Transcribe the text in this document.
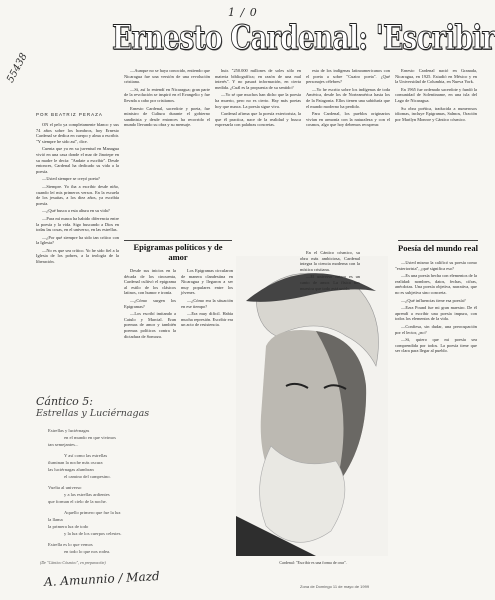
1 / 0
55438
Ernesto Cardenal: 'Escribir
POR BEATRIZ PERAZA

ON el pelo ya completamente blanco y sus 74 años sobre los hombros, hoy Ernesto Cardenal se dedica en cuerpo y alma a escribir. "Y siempre he sido así", dice.

Cuenta que ya en su juventud en Managua vivió en una casa donde el mar de Jinotepe en su madre le decía: "Andate a escribir". Desde entonces, Cardenal ha dedicado su vida a la poesía.

—Usted siempre se creyó poeta?

—Siempre. Yo iba a escribir desde niño, cuando leí mis primeros versos. En la escuela de los jesuitas, a los diez años, ya escribía poesía.

—¿Qué busca a esta altura en su vida?

—Para mí nunca ha habido diferencia entre la poesía y la vida. Sigo buscando a Dios en todas las cosas, en el universo, en las estrellas.

—¿Por qué siempre ha sido tan crítico con la Iglesia?

—No es que sea crítico. Yo he sido fiel a la Iglesia de los pobres, a la teología de la liberación.

—Aunque no se haya conocido, entiendo que Nicaragua fue una versión de una revolución cristiana.

—Sí, así lo entendí en Nicaragua; gran parte de la revolución se inspiró en el Evangelio y fue llevada a cabo por cristianos.

Ernesto Cardenal, sacerdote y poeta, fue ministro de Cultura durante el gobierno sandinista y desde entonces ha recorrido el mundo llevando su obra y su mensaje.

huir. "250.000 millones de soles sólo en materia bibliográfica; en razón de una mal interés". Y no pasará información, en cierta medida. ¿Cuál es la propuesta de su sentido?

—Yo sé que muchos han dicho que la poesía ha muerto, pero no es cierto. Hay más poetas hoy que nunca. La poesía sigue viva.

Cardenal afirma que la poesía exteriorista, la que él practica, nace de la realidad y busca expresarla con palabras concretas.

esta de los indígenas latinoamericanos con el poeta a sobre "Cuatro poeta". ¿Qué personajes célebres?

—Yo he escrito sobre los indígenas de toda América, desde los de Norteamérica hasta los de la Patagonia. Ellos tienen una sabiduría que el mundo moderno ha perdido.

Para Cardenal, los pueblos originarios vivían en armonía con la naturaleza y con el cosmos, algo que hoy debemos recuperar.

Ernesto Cardenal nació en Granada, Nicaragua, en 1925. Estudió en México y en la Universidad de Columbia, en Nueva York.

En 1965 fue ordenado sacerdote y fundó la comunidad de Solentiname, en una isla del Lago de Nicaragua.

Su obra poética, traducida a numerosos idiomas, incluye Epigramas, Salmos, Oración por Marilyn Monroe y Cántico cósmico.

Epigramas políticos y de amor

Desde sus inicios en la década de los cincuenta, Cardenal cultivó el epigrama al estilo de los clásicos latinos, con humor e ironía.

—¿Cómo surgen los Epigramas?

—Los escribí imitando a Catulo y Marcial. Eran poemas de amor y también poemas políticos contra la dictadura de Somoza.

Los Epigramas circularon de manera clandestina en Nicaragua y llegaron a ser muy populares entre los jóvenes.

—¿Cómo era la situación en ese tiempo?

—Era muy difícil. Había mucha represión. Escribir era un acto de resistencia.

Poesía del mundo real

—Usted mismo la calificó su poesía como "exteriorista", ¿qué significa eso?

—Es una poesía hecha con elementos de la realidad: nombres, datos, fechas, cifras, anécdotas. Una poesía objetiva, narrativa, que no es subjetiva sino concreta.

—¿Qué influencias tiene esa poesía?

—Ezra Pound fue mi gran maestro. De él aprendí a escribir una poesía impura, con todos los elementos de la vida.

—Confiesa, sin dudar, una preocupación por el lector, ¿no?

—Sí, quiero que mi poesía sea comprendida por todos. La poesía tiene que ser clara para llegar al pueblo.

Cardenal: "Escribir es una forma de orar".

En el Cántico cósmico, su obra más ambiciosa, Cardenal integra la ciencia moderna con la mística cristiana.

—El universo entero es un canto de amor. La física nos muestra que todo está unido.

Cántico 5:

Estrellas y Luciérnagas

Estrellas y luciérnagas
en el mundo en que vivimos
tan semejantes...
Y así como las estrellas
iluminan la noche más oscura
las luciérnagas alumbran
el camino del campesino.
Vuelta al universo
y a las estrellas ardientes
que forman el cielo de la noche.
Aquello primero que fue la luz
la llama
la primera luz de todo
y la luz de los cuerpos celestes.
Estrella es lo que vemos
en todo lo que nos rodea.
(De "Cántico Cósmico", en preparación)
A. Amunnio / Mazd	Zona de Domingo 11 de mayo de 1999
